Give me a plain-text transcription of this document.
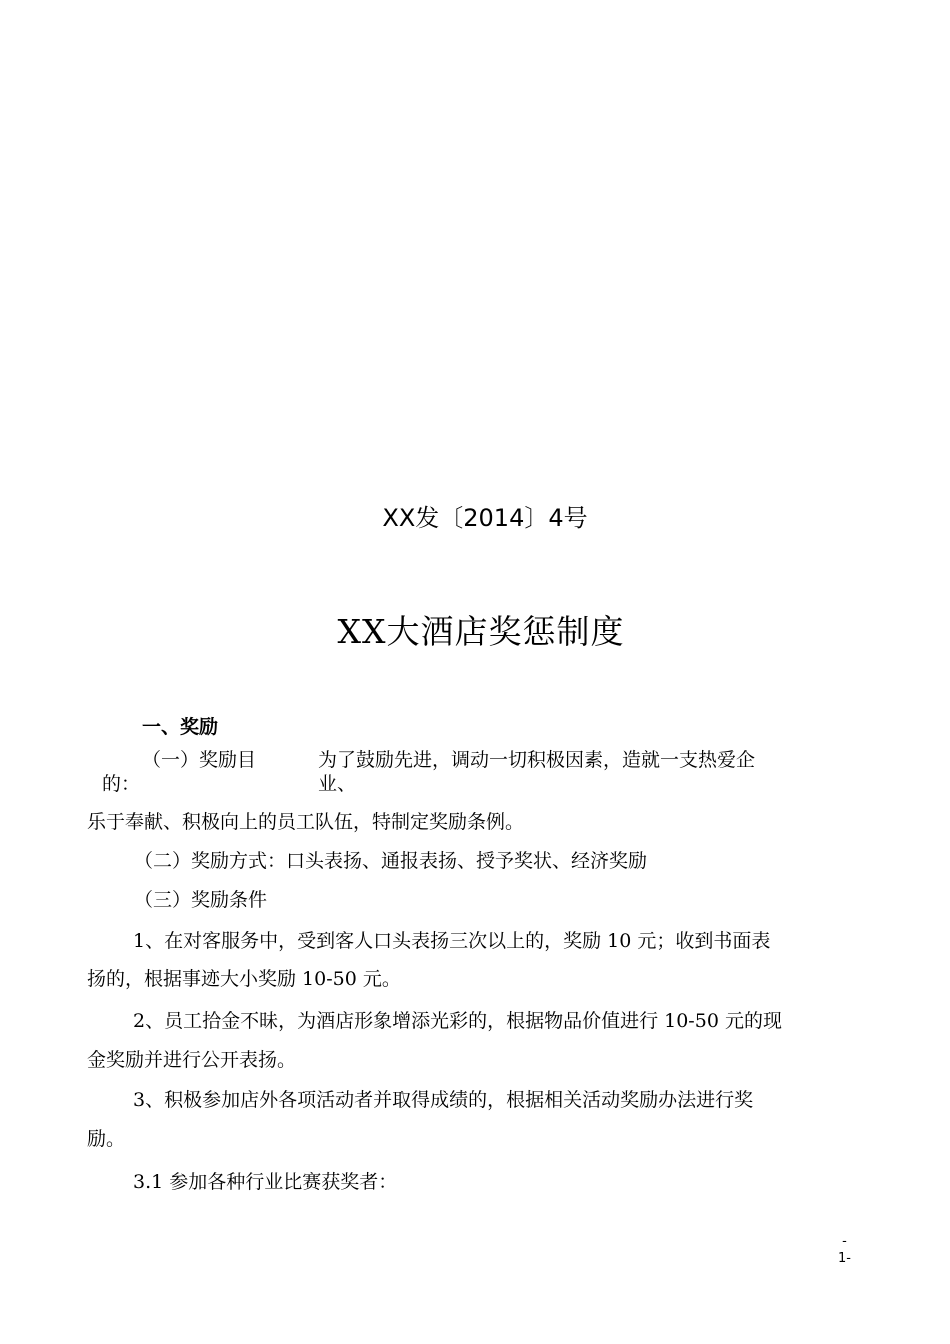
XX发〔2014〕4号
XX大酒店奖惩制度
一、奖励
（一）奖励目
的：
为了鼓励先进，调动一切积极因素，造就一支热爱企
业、
乐于奉献、积极向上的员工队伍，特制定奖励条例。
（二）奖励方式：口头表扬、通报表扬、授予奖状、经济奖励
（三）奖励条件
1、在对客服务中，受到客人口头表扬三次以上的，奖励 10 元；收到书面表
扬的，根据事迹大小奖励 10-50 元。
2、员工拾金不昧，为酒店形象增添光彩的，根据物品价值进行 10-50 元的现
金奖励并进行公开表扬。
3、积极参加店外各项活动者并取得成绩的，根据相关活动奖励办法进行奖
励。
3.1 参加各种行业比赛获奖者：
-
1-
